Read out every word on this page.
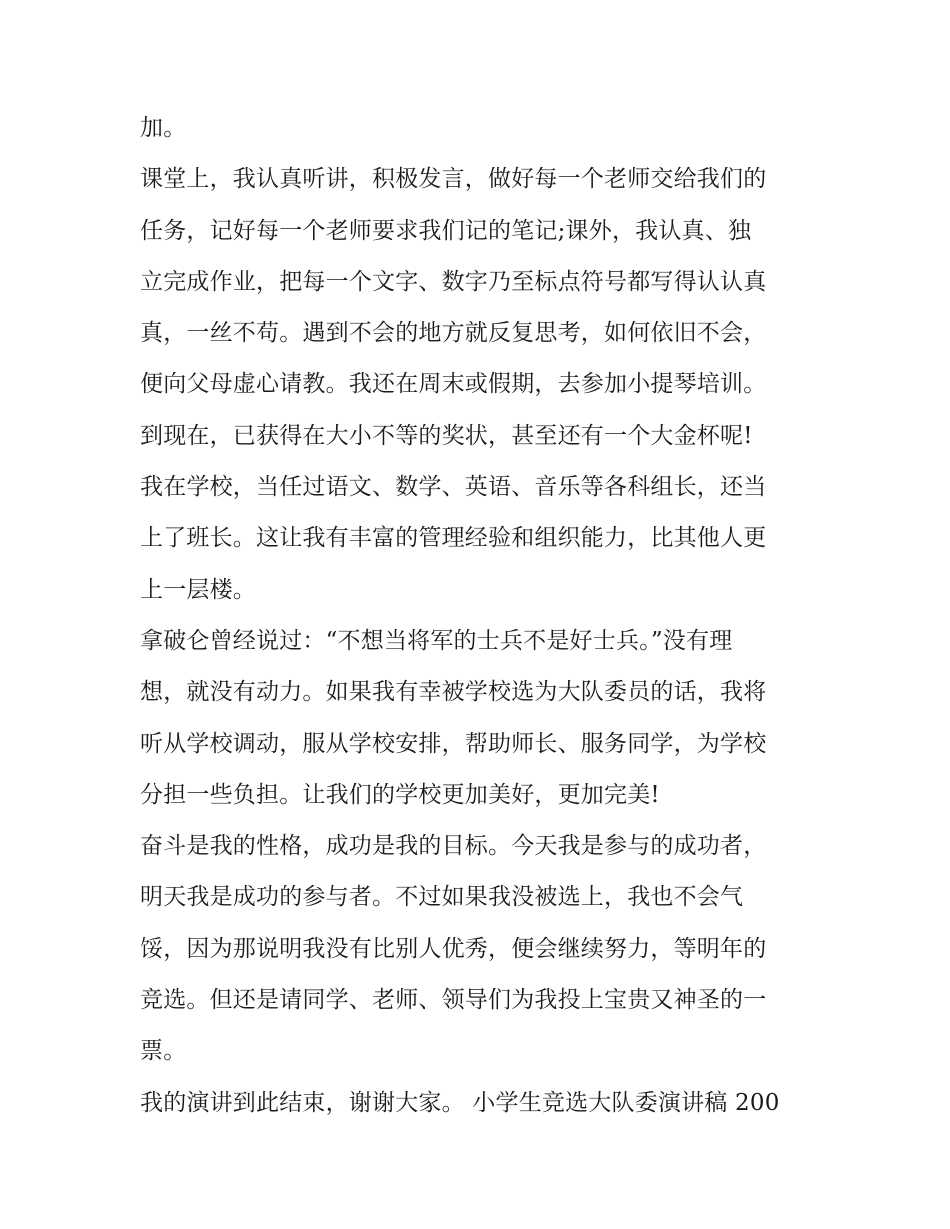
加。
课堂上，我认真听讲，积极发言，做好每一个老师交给我们的
任务，记好每一个老师要求我们记的笔记;课外，我认真、独
立完成作业，把每一个文字、数字乃至标点符号都写得认认真
真，一丝不苟。遇到不会的地方就反复思考，如何依旧不会，
便向父母虚心请教。我还在周末或假期，去参加小提琴培训。
到现在，已获得在大小不等的奖状，甚至还有一个大金杯呢!
我在学校，当任过语文、数学、英语、音乐等各科组长，还当
上了班长。这让我有丰富的管理经验和组织能力，比其他人更
上一层楼。
拿破仑曾经说过：“不想当将军的士兵不是好士兵。”没有理
想，就没有动力。如果我有幸被学校选为大队委员的话，我将
听从学校调动，服从学校安排，帮助师长、服务同学，为学校
分担一些负担。让我们的学校更加美好，更加完美!
奋斗是我的性格，成功是我的目标。今天我是参与的成功者，
明天我是成功的参与者。不过如果我没被选上，我也不会气
馁，因为那说明我没有比别人优秀，便会继续努力，等明年的
竞选。但还是请同学、老师、领导们为我投上宝贵又神圣的一
票。
我的演讲到此结束，谢谢大家。 小学生竞选大队委演讲稿 200
